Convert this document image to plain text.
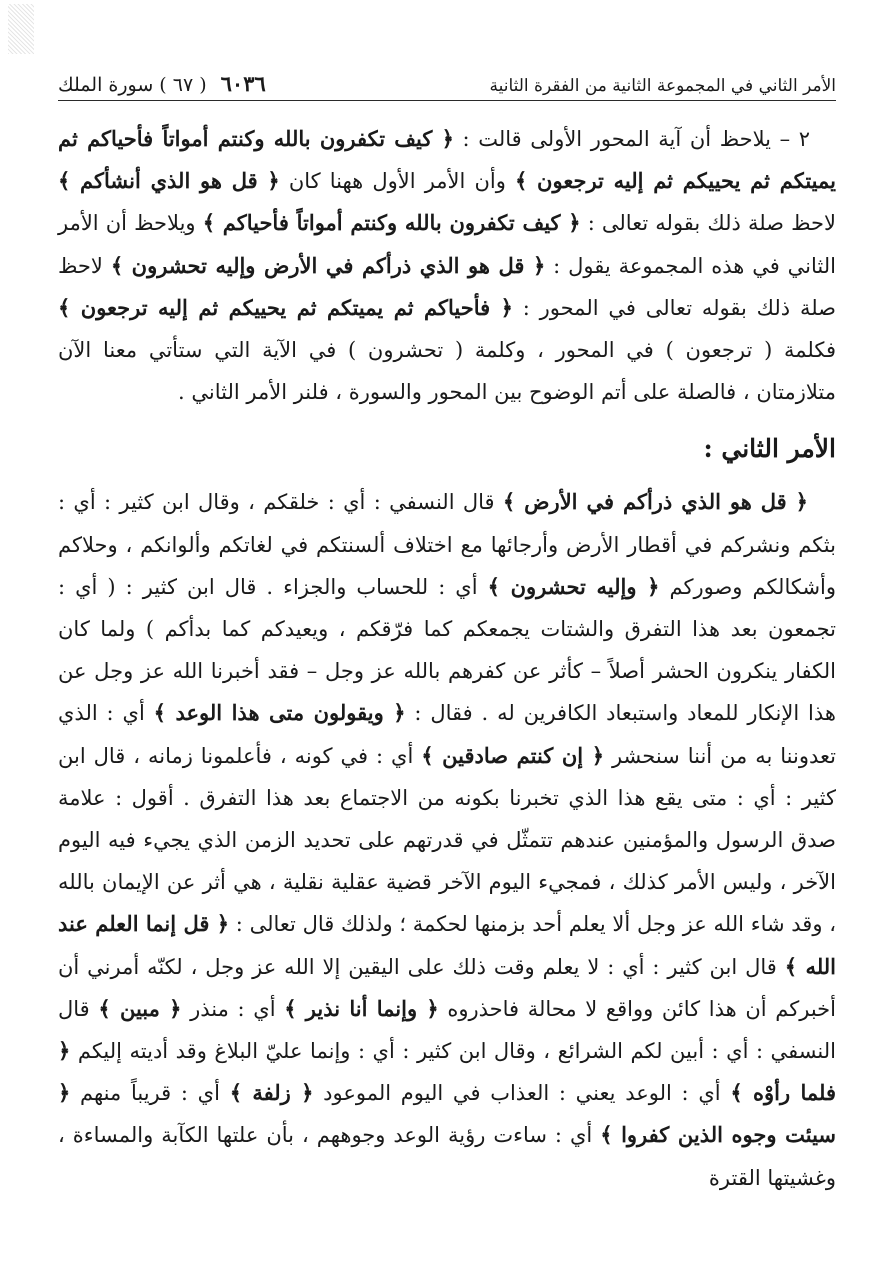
٦٠٣٦
( ٦٧ ) سورة الملك	الأمر الثاني في المجموعة الثانية من الفقرة الثانية

٢ – يلاحظ أن آية المحور الأولى قالت : ﴿ كيف تكفرون بالله وكنتم أمواتاً فأحياكم ثم يميتكم ثم يحييكم ثم إليه ترجعون ﴾ وأن الأمر الأول ههنا كان ﴿ قل هو الذي أنشأكم ﴾ لاحظ صلة ذلك بقوله تعالى : ﴿ كيف تكفرون بالله وكنتم أمواتاً فأحياكم ﴾ ويلاحظ أن الأمر الثاني في هذه المجموعة يقول : ﴿ قل هو الذي ذرأكم في الأرض وإليه تحشرون ﴾ لاحظ صلة ذلك بقوله تعالى في المحور : ﴿ فأحياكم ثم يميتكم ثم يحييكم ثم إليه ترجعون ﴾ فكلمة ( ترجعون ) في المحور ، وكلمة ( تحشرون ) في الآية التي ستأتي معنا الآن متلازمتان ، فالصلة على أتم الوضوح بين المحور والسورة ، فلنر الأمر الثاني .

الأمر الثاني :

﴿ قل هو الذي ذرأكم في الأرض ﴾ قال النسفي : أي : خلقكم ، وقال ابن كثير : أي : بثكم ونشركم في أقطار الأرض وأرجائها مع اختلاف ألسنتكم في لغاتكم وألوانكم ، وحلاكم وأشكالكم وصوركم ﴿ وإليه تحشرون ﴾ أي : للحساب والجزاء . قال ابن كثير : ( أي : تجمعون بعد هذا التفرق والشتات يجمعكم كما فرّقكم ، ويعيدكم كما بدأكم ) ولما كان الكفار ينكرون الحشر أصلاً – كأثر عن كفرهم بالله عز وجل – فقد أخبرنا الله عز وجل عن هذا الإنكار للمعاد واستبعاد الكافرين له . فقال : ﴿ ويقولون متى هذا الوعد ﴾ أي : الذي تعدوننا به من أننا سنحشر ﴿ إن كنتم صادقين ﴾ أي : في كونه ، فأعلمونا زمانه ، قال ابن كثير : أي : متى يقع هذا الذي تخبرنا بكونه من الاجتماع بعد هذا التفرق . أقول : علامة صدق الرسول والمؤمنين عندهم تتمثّل في قدرتهم على تحديد الزمن الذي يجيء فيه اليوم الآخر ، وليس الأمر كذلك ، فمجيء اليوم الآخر قضية عقلية نقلية ، هي أثر عن الإيمان بالله ، وقد شاء الله عز وجل ألا يعلم أحد بزمنها لحكمة ؛ ولذلك قال تعالى : ﴿ قل إنما العلم عند الله ﴾ قال ابن كثير : أي : لا يعلم وقت ذلك على اليقين إلا الله عز وجل ، لكنّه أمرني أن أخبركم أن هذا كائن وواقع لا محالة فاحذروه ﴿ وإنما أنا نذير ﴾ أي : منذر ﴿ مبين ﴾ قال النسفي : أي : أبين لكم الشرائع ، وقال ابن كثير : أي : وإنما عليّ البلاغ وقد أديته إليكم ﴿ فلما رأوْه ﴾ أي : الوعد يعني : العذاب في اليوم الموعود ﴿ زلفة ﴾ أي : قريباً منهم ﴿ سيئت وجوه الذين كفروا ﴾ أي : ساءت رؤية الوعد وجوههم ، بأن علتها الكآبة والمساءة ، وغشيتها القترة
